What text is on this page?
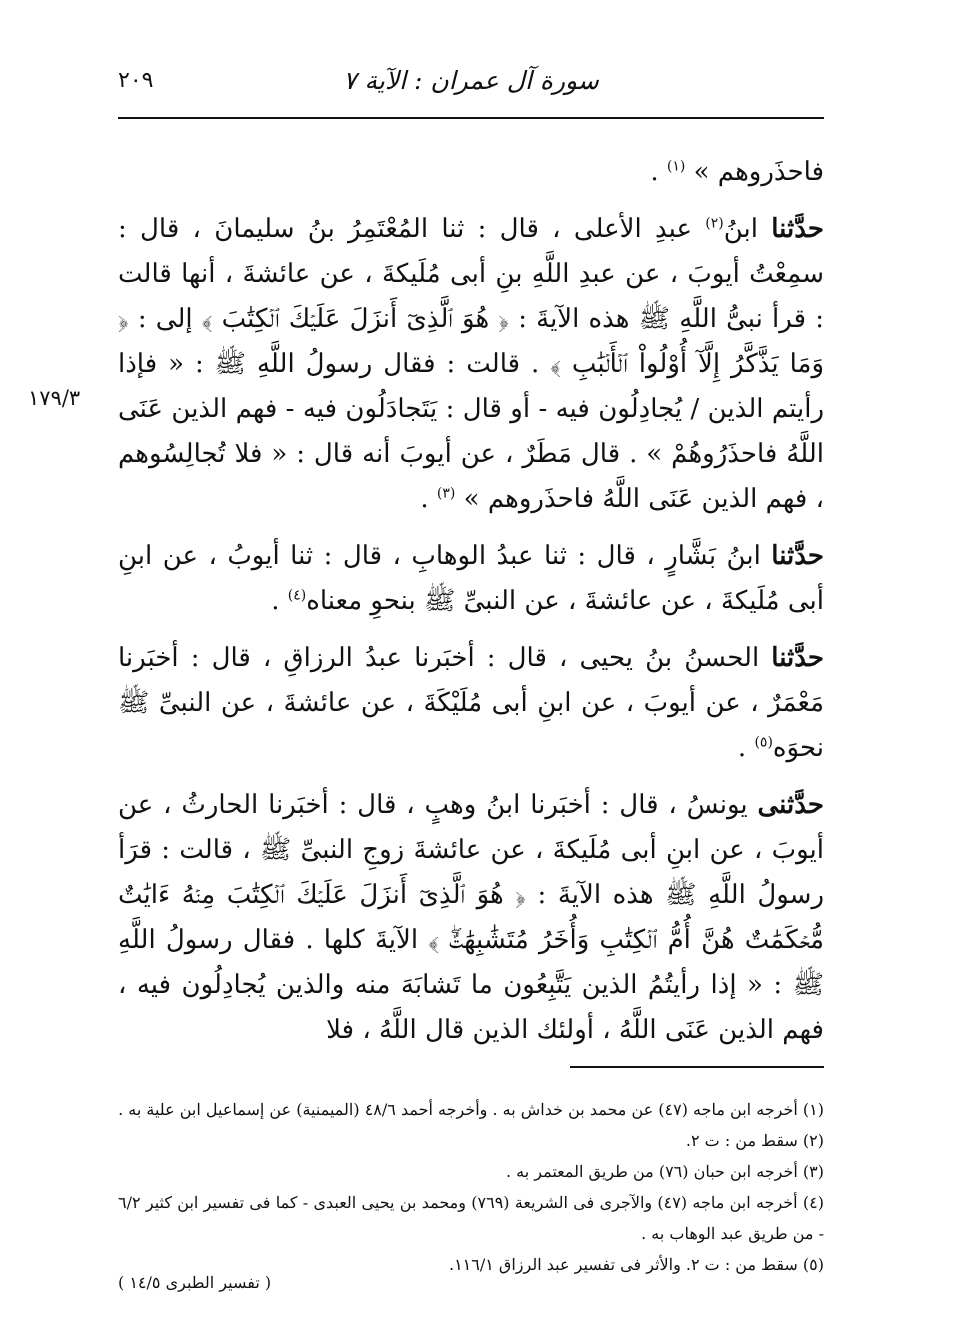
سورة آل عمران : الآية ٧
٢٠٩
١٧٩/٣

فاحذَروهم » $^{(١)}$ .

حدَّثنا ابنُ$^{(٢)}$ عبدِ الأعلى ، قال : ثنا المُعْتَمِرُ بنُ سليمانَ ، قال : سمِعْتُ أيوبَ ، عن عبدِ اللَّهِ بنِ أبى مُلَيكةَ ، عن عائشةَ ، أنها قالت : قرأ نبىُّ اللَّهِ ﷺ هذه الآيةَ : ﴿ هُوَ ٱلَّذِىٓ أَنزَلَ عَلَيۡكَ ٱلۡكِتَٰبَ ﴾ إلى : ﴿ وَمَا يَذَّكَّرُ إِلَّآ أُوْلُواْ ٱلۡأَلۡبَٰبِ ﴾ . قالت : فقال رسولُ اللَّهِ ﷺ : « فإذا رأيتم الذين / يُجادِلُون فيه - أو قال : يَتَجادَلُون فيه - فهم الذين عَنَى اللَّهُ فاحذَرُوهُمْ » . قال مَطَرٌ ، عن أيوبَ أنه قال : « فلا تُجالِسُوهم ، فهم الذين عَنَى اللَّهُ فاحذَروهم » $^{(٣)}$ .

حدَّثنا ابنُ بَشَّارٍ ، قال : ثنا عبدُ الوهابِ ، قال : ثنا أيوبُ ، عن ابنِ أبى مُلَيكةَ ، عن عائشةَ ، عن النبىِّ ﷺ بنحوِ معناه$^{(٤)}$ .

حدَّثنا الحسنُ بنُ يحيى ، قال : أخبَرنا عبدُ الرزاقِ ، قال : أخبَرنا مَعْمَرٌ ، عن أيوبَ ، عن ابنِ أبى مُلَيْكَةَ ، عن عائشةَ ، عن النبىِّ ﷺ نحوَه$^{(٥)}$ .

حدَّثنى يونسُ ، قال : أخبَرنا ابنُ وهبٍ ، قال : أخبَرنا الحارثُ ، عن أيوبَ ، عن ابنِ أبى مُلَيكةَ ، عن عائشةَ زوجِ النبىِّ ﷺ ، قالت : قرَأ رسولُ اللَّهِ ﷺ هذه الآيةَ : ﴿ هُوَ ٱلَّذِىٓ أَنزَلَ عَلَيۡكَ ٱلۡكِتَٰبَ مِنۡهُ ءَايَٰتٌ مُّحۡكَمَٰتٌ هُنَّ أُمُّ ٱلۡكِتَٰبِ وَأُخَرُ مُتَشَٰبِهَٰتٌۖ ﴾ الآيةَ كلها . فقال رسولُ اللَّهِ ﷺ : « إذا رأيتُمُ الذين يَتَّبِعُون ما تَشابَهَ منه والذين يُجادِلُون فيه ، فهم الذين عَنَى اللَّهُ ، أولئك الذين قال اللَّهُ ، فلا

(١) أخرجه ابن ماجه (٤٧) عن محمد بن خداش به . وأخرجه أحمد ٤٨/٦ (الميمنية) عن إسماعيل ابن علية به .

(٢) سقط من : ت ٢.

(٣) أخرجه ابن حبان (٧٦) من طريق المعتمر به .

(٤) أخرجه ابن ماجه (٤٧) والآجرى فى الشريعة (٧٦٩) ومحمد بن يحيى العبدى - كما فى تفسير ابن كثير ٦/٢ - من طريق عبد الوهاب به .

(٥) سقط من : ت ٢. والأثر فى تفسير عبد الرزاق ١١٦/١.

( تفسير الطبرى ١٤/٥ )
